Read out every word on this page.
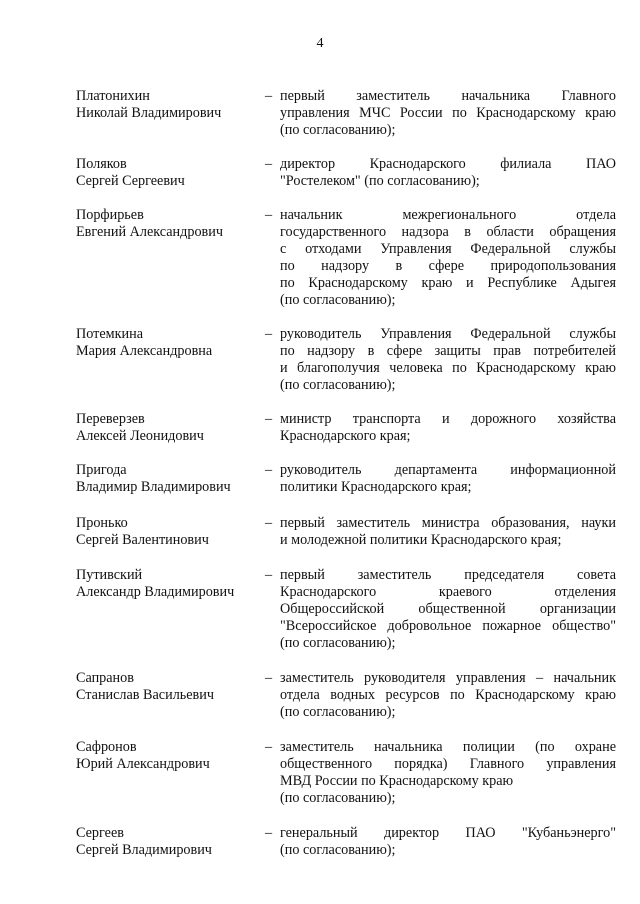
4
Платонихин
Николай Владимирович
– первый заместитель начальника Главного
управления МЧС России по Краснодарскому краю
(по согласованию);
Поляков
Сергей Сергеевич
– директор Краснодарского филиала ПАО
"Ростелеком" (по согласованию);
Порфирьев
Евгений Александрович
– начальник межрегионального отдела
государственного надзора в области обращения
с отходами Управления Федеральной службы
по надзору в сфере природопользования
по Краснодарскому краю и Республике Адыгея
(по согласованию);
Потемкина
Мария Александровна
– руководитель Управления Федеральной службы
по надзору в сфере защиты прав потребителей
и благополучия человека по Краснодарскому краю
(по согласованию);
Переверзев
Алексей Леонидович
– министр транспорта и дорожного хозяйства
Краснодарского края;
Пригода
Владимир Владимирович
– руководитель департамента информационной
политики Краснодарского края;
Пронько
Сергей Валентинович
– первый заместитель министра образования, науки
и молодежной политики Краснодарского края;
Путивский
Александр Владимирович
– первый заместитель председателя совета
Краснодарского краевого отделения
Общероссийской общественной организации
"Всероссийское добровольное пожарное общество"
(по согласованию);
Сапранов
Станислав Васильевич
– заместитель руководителя управления – начальник
отдела водных ресурсов по Краснодарскому краю
(по согласованию);
Сафронов
Юрий Александрович
– заместитель начальника полиции (по охране
общественного порядка) Главного управления
МВД России по Краснодарскому краю
(по согласованию);
Сергеев
Сергей Владимирович
– генеральный директор ПАО "Кубаньэнерго"
(по согласованию);
